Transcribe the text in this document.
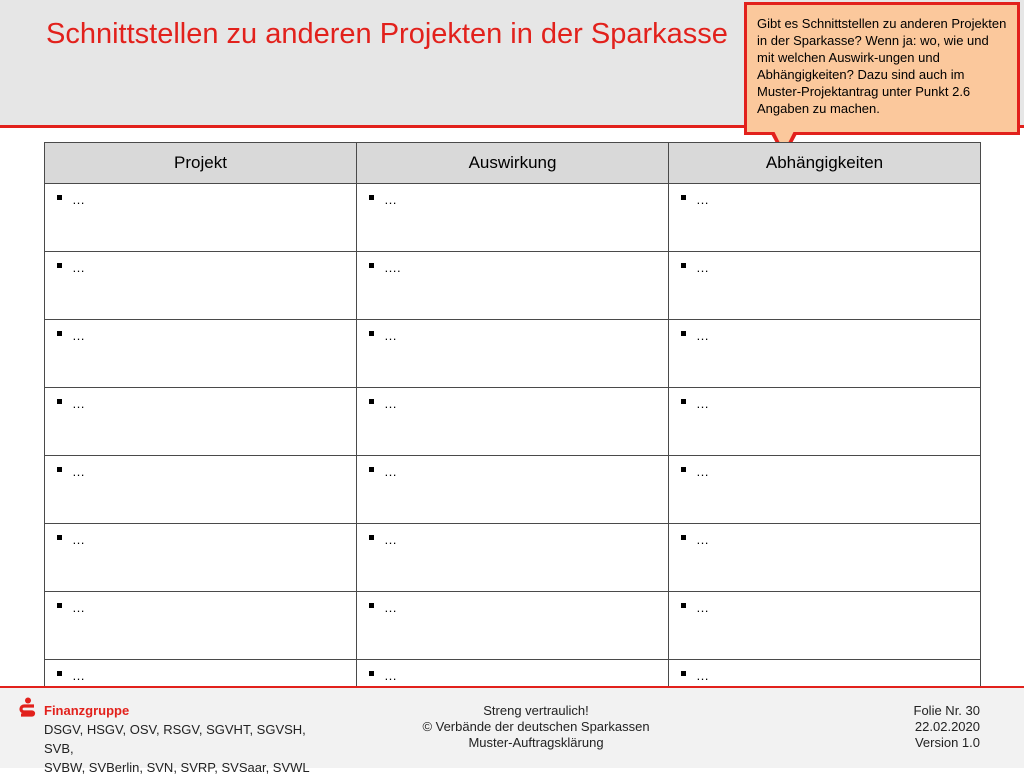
Schnittstellen zu anderen Projekten in der Sparkasse	Gibt es Schnittstellen zu anderen Projekten in der Sparkasse? Wenn ja: wo, wie und mit welchen Auswirk-ungen und Abhängigkeiten? Dazu sind auch im Muster-Projektantrag unter Punkt 2.6 Angaben zu machen.
Projekt	Auswirkung	Abhängigkeiten
…	…	…
…	….	…
…	…	…
…	…	…
…	…	…
…	…	…
…	…	…
…	…	…
Finanzgruppe
DSGV, HSGV, OSV, RSGV, SGVHT, SGVSH, SVB,
SVBW, SVBerlin, SVN, SVRP, SVSaar, SVWL
Streng vertraulich!
© Verbände der deutschen Sparkassen
Muster-Auftragsklärung
Folie Nr. 30
22.02.2020
Version 1.0
